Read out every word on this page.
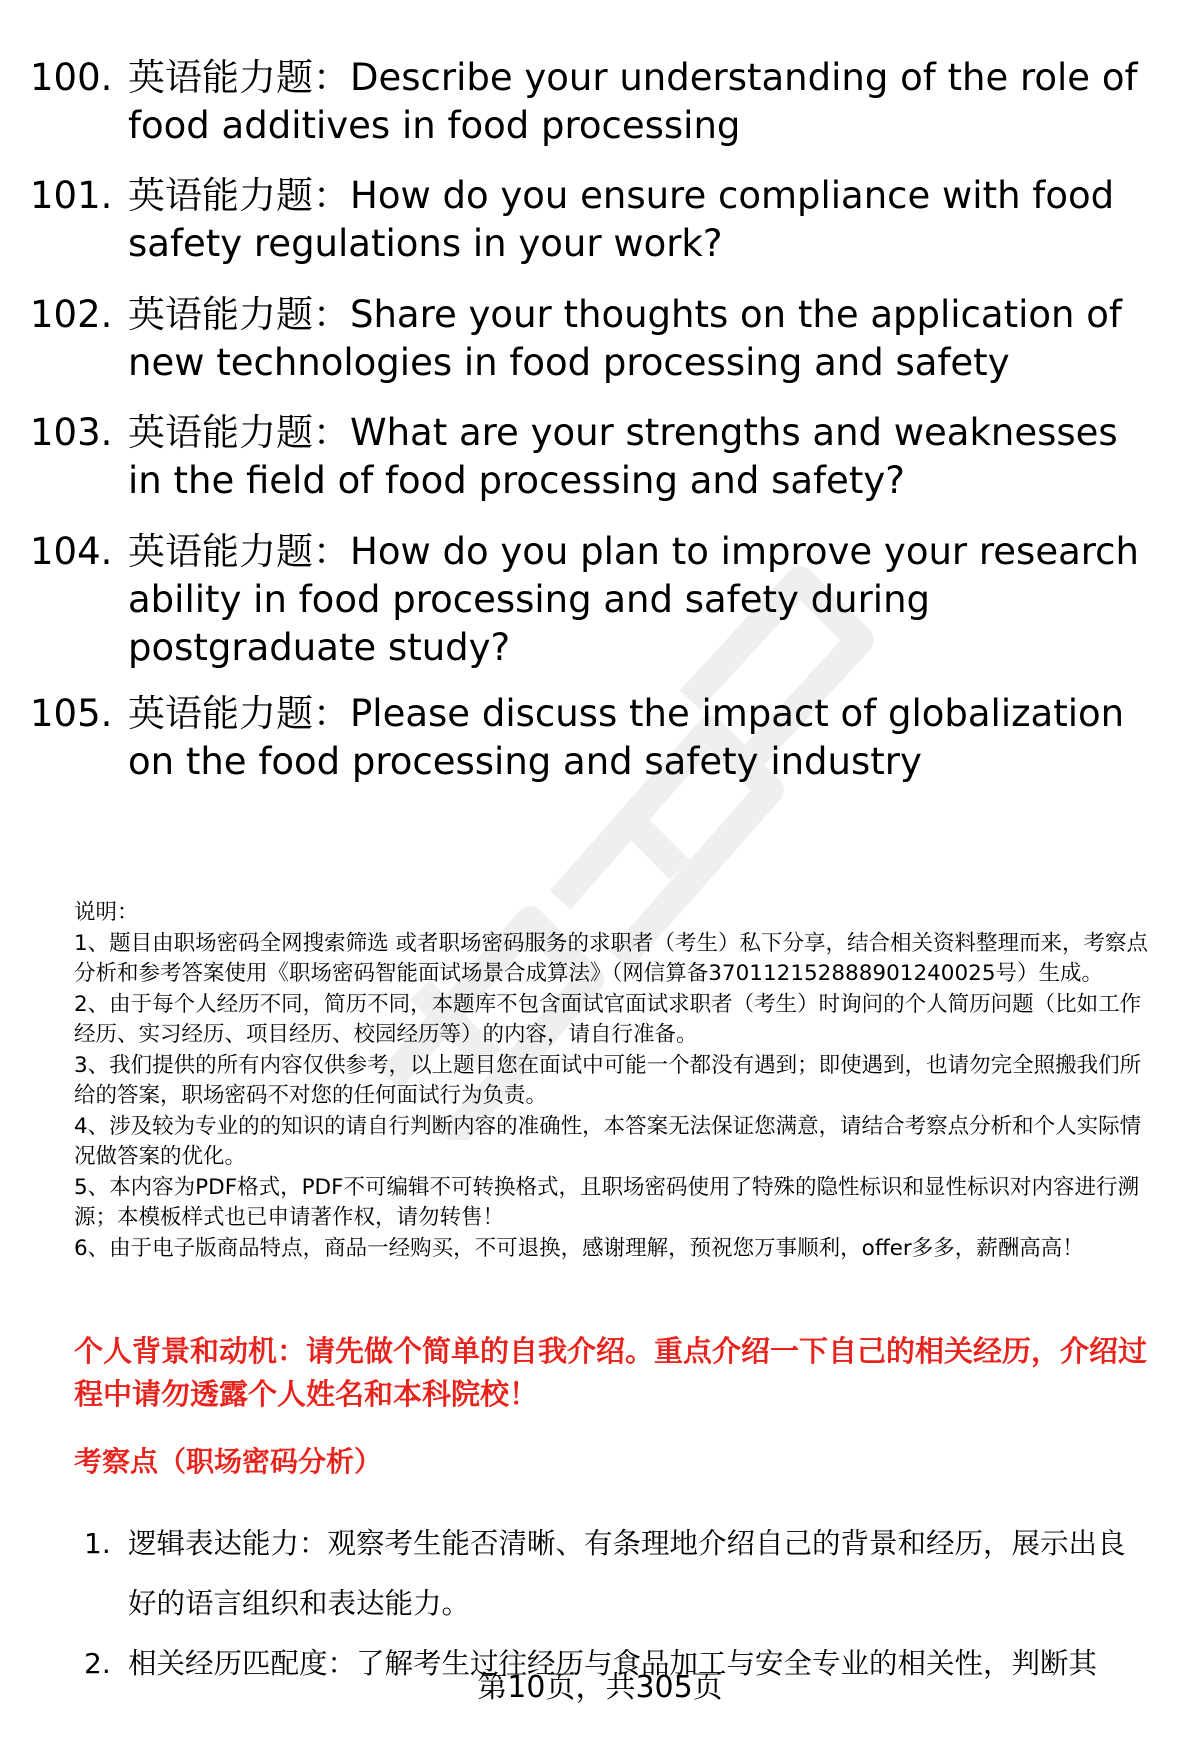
100. 英语能力题：Describe your understanding of the role of food additives in food processing
101. 英语能力题：How do you ensure compliance with food safety regulations in your work?
102. 英语能力题：Share your thoughts on the application of new technologies in food processing and safety
103. 英语能力题：What are your strengths and weaknesses in the field of food processing and safety?
104. 英语能力题：How do you plan to improve your research ability in food processing and safety during postgraduate study?
105. 英语能力题：Please discuss the impact of globalization on the food processing and safety industry

说明：

1、题目由职场密码全网搜索筛选 或者职场密码服务的求职者（考生）私下分享，结合相关资料整理而来，考察点分析和参考答案使用《职场密码智能面试场景合成算法》（网信算备370112152888901240025号）生成。

2、由于每个人经历不同，简历不同，本题库不包含面试官面试求职者（考生）时询问的个人简历问题（比如工作经历、实习经历、项目经历、校园经历等）的内容，请自行准备。

3、我们提供的所有内容仅供参考，以上题目您在面试中可能一个都没有遇到；即使遇到，也请勿完全照搬我们所给的答案，职场密码不对您的任何面试行为负责。

4、涉及较为专业的的知识的请自行判断内容的准确性，本答案无法保证您满意，请结合考察点分析和个人实际情况做答案的优化。

5、本内容为PDF格式，PDF不可编辑不可转换格式，且职场密码使用了特殊的隐性标识和显性标识对内容进行溯源；本模板样式也已申请著作权，请勿转售！

6、由于电子版商品特点，商品一经购买，不可退换，感谢理解，预祝您万事顺利，offer多多，薪酬高高！

个人背景和动机：请先做个简单的自我介绍。重点介绍一下自己的相关经历，介绍过程中请勿透露个人姓名和本科院校！
考察点（职场密码分析）
1. 逻辑表达能力：观察考生能否清晰、有条理地介绍自己的背景和经历，展示出良好的语言组织和表达能力。
2. 相关经历匹配度：了解考生过往经历与食品加工与安全专业的相关性，判断其
第10页，共305页
